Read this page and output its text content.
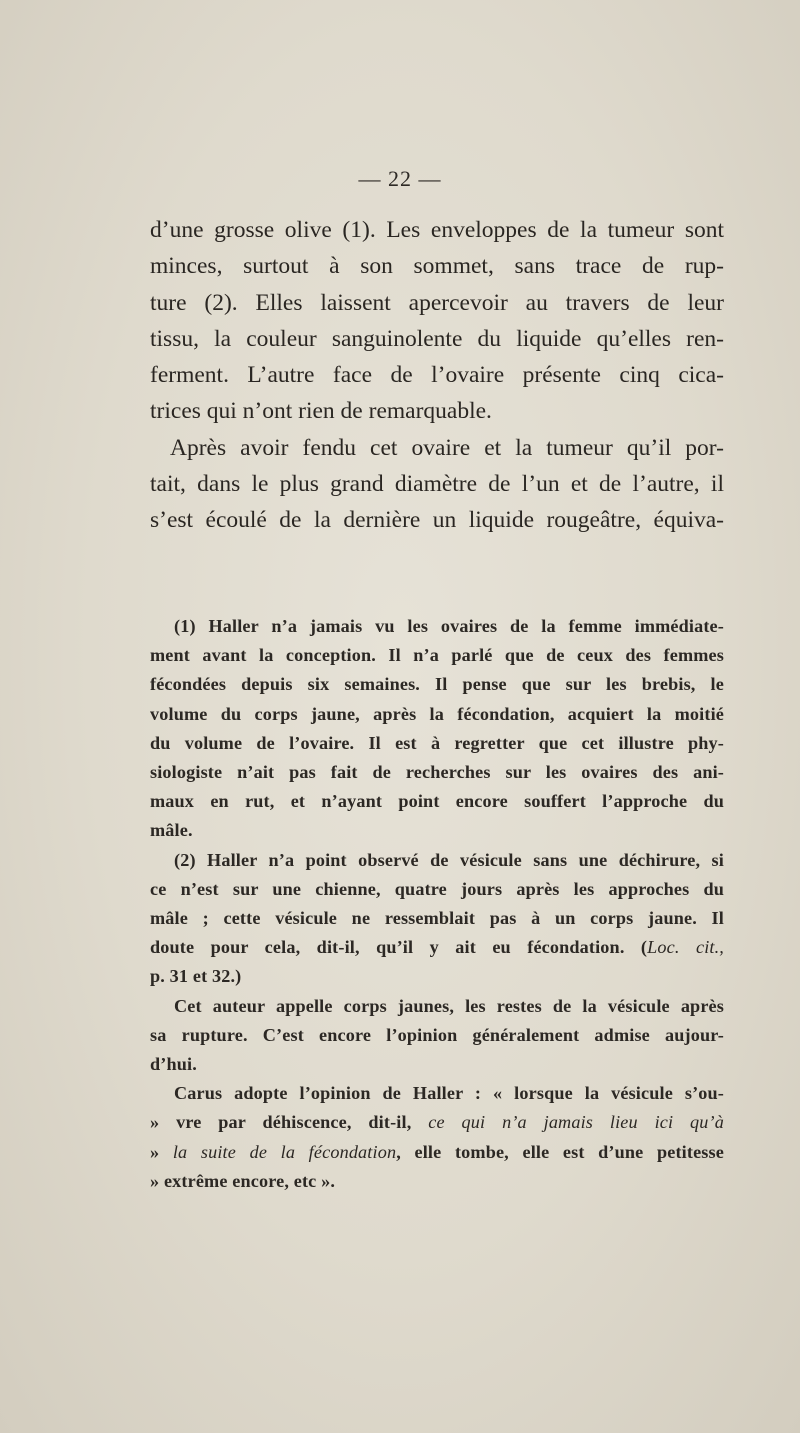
— 22 —
d’une grosse olive (1). Les enveloppes de la tumeur sont
minces, surtout à son sommet, sans trace de rup-
ture (2). Elles laissent apercevoir au travers de leur
tissu, la couleur sanguinolente du liquide qu’elles ren-
ferment. L’autre face de l’ovaire présente cinq cica-
trices qui n’ont rien de remarquable.
Après avoir fendu cet ovaire et la tumeur qu’il por-
tait, dans le plus grand diamètre de l’un et de l’autre, il
s’est écoulé de la dernière un liquide rougeâtre, équiva-
(1) Haller n’a jamais vu les ovaires de la femme immédiate-
ment avant la conception. Il n’a parlé que de ceux des femmes
fécondées depuis six semaines. Il pense que sur les brebis, le
volume du corps jaune, après la fécondation, acquiert la moitié
du volume de l’ovaire. Il est à regretter que cet illustre phy-
siologiste n’ait pas fait de recherches sur les ovaires des ani-
maux en rut, et n’ayant point encore souffert l’approche du
mâle.
(2) Haller n’a point observé de vésicule sans une déchirure, si
ce n’est sur une chienne, quatre jours après les approches du
mâle ; cette vésicule ne ressemblait pas à un corps jaune. Il
doute pour cela, dit-il, qu’il y ait eu fécondation. (Loc. cit.,
p. 31 et 32.)
Cet auteur appelle corps jaunes, les restes de la vésicule après
sa rupture. C’est encore l’opinion généralement admise aujour-
d’hui.
Carus adopte l’opinion de Haller : « lorsque la vésicule s’ou-
» vre par déhiscence, dit-il, ce qui n’a jamais lieu ici qu’à
» la suite de la fécondation, elle tombe, elle est d’une petitesse
» extrême encore, etc ».
